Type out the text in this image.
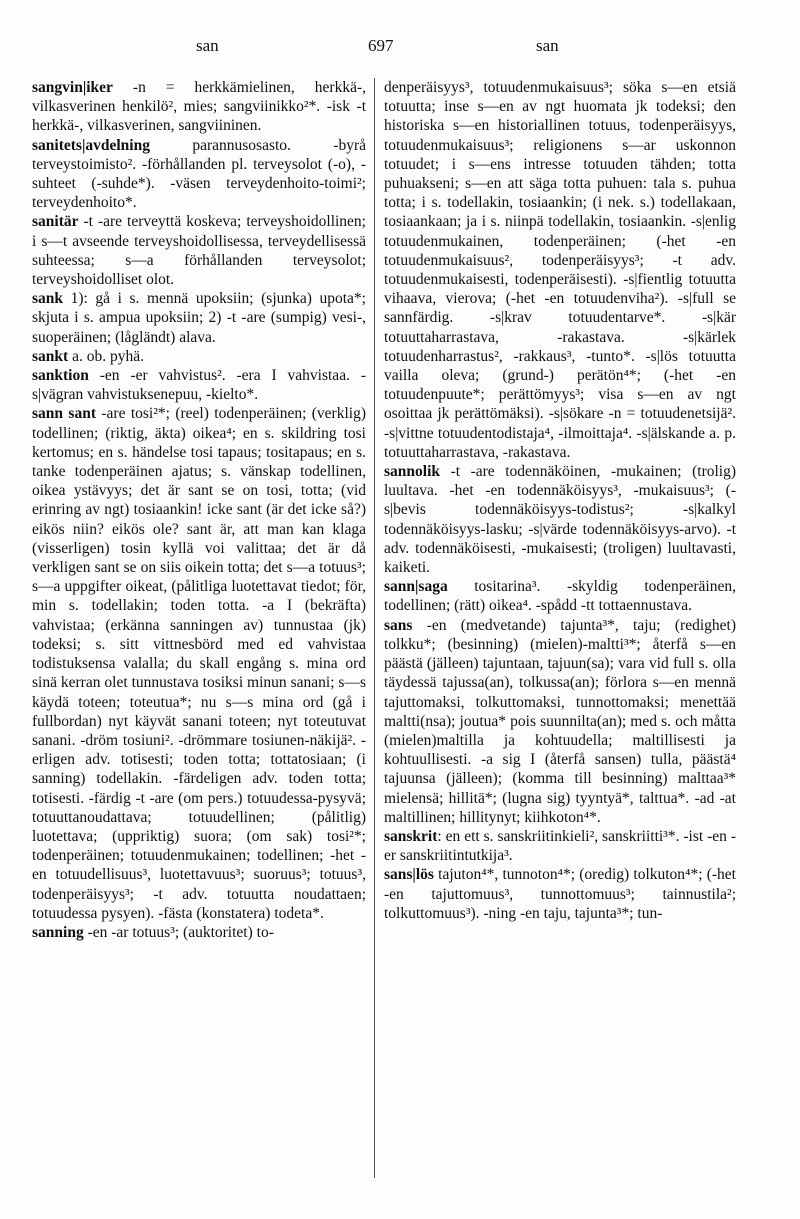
san	697	san
sangvin|iker -n = herkkämielinen, herkkä-, vilkasverinen henkilö², mies; sangviinikko²*. -isk -t herkkä-, vilkasverinen, sangviininen.
sanitets|avdelning parannusosasto. -byrå terveystoimisto². -förhållanden pl. terveysolot (-o), -suhteet (-suhde*). -väsen terveydenhoito-toimi²; terveydenhoito*.
sanitär -t -are terveyttä koskeva; terveyshoidollinen; i s—t avseende terveyshoidollisessa, terveydellisessä suhteessa; s—a förhållanden terveysolot; terveyshoidolliset olot.
sank 1): gå i s. mennä upoksiin; (sjunka) upota*; skjuta i s. ampua upoksiin; 2) -t -are (sumpig) vesi-, suoperäinen; (lågländt) alava.
sankt a. ob. pyhä.
sanktion -en -er vahvistus². -era I vahvistaa. -s|vägran vahvistuksenepuu, -kielto*.
sann sant -are tosi²*; (reel) todenperäinen; (verklig) todellinen; (riktig, äkta) oikea⁴; en s. skildring tosi kertomus; en s. händelse tosi tapaus; tositapaus; en s. tanke todenperäinen ajatus; s. vänskap todellinen, oikea ystävyys; det är sant se on tosi, totta; (vid erinring av ngt) tosiaankin! icke sant (är det icke så?) eikös niin? eikös ole? sant är, att man kan klaga (visserligen) tosin kyllä voi valittaa; det är då verkligen sant se on siis oikein totta; det s—a totuus³; s—a uppgifter oikeat, (pålitliga luotettavat tiedot; för, min s. todellakin; toden totta. -a I (bekräfta) vahvistaa; (erkänna sanningen av) tunnustaa (jk) todeksi; s. sitt vittnesbörd med ed vahvistaa todistuksensa valalla; du skall engång s. mina ord sinä kerran olet tunnustava tosiksi minun sanani; s—s käydä toteen; toteutua*; nu s—s mina ord (gå i fullbordan) nyt käyvät sanani toteen; nyt toteutuvat sanani. -dröm tosiuni². -drömmare tosiunen-näkijä². -erligen adv. totisesti; toden totta; tottatosiaan; (i sanning) todellakin. -färdeligen adv. toden totta; totisesti. -färdig -t -are (om pers.) totuudessa-pysyvä; totuuttanoudattava; totuudellinen; (pålitlig) luotettava; (uppriktig) suora; (om sak) tosi²*; todenperäinen; totuudenmukainen; todellinen; -het -en totuudellisuus³, luotettavuus³; suoruus³; totuus³, todenperäisyys³; -t adv. totuutta noudattaen; totuudessa pysyen). -fästa (konstatera) todeta*.
sanning -en -ar totuus³; (auktoritet) to-
denperäisyys³, totuudenmukaisuus³; söka s—en etsiä totuutta; inse s—en av ngt huomata jk todeksi; den historiska s—en historiallinen totuus, todenperäisyys, totuudenmukaisuus³; religionens s—ar uskonnon totuudet; i s—ens intresse totuuden tähden; totta puhuakseni; s—en att säga totta puhuen: tala s. puhua totta; i s. todellakin, tosiaankin; (i nek. s.) todellakaan, tosiaankaan; ja i s. niinpä todellakin, tosiaankin. -s|enlig totuudenmukainen, todenperäinen; (-het -en totuudenmukaisuus², todenperäisyys³; -t adv. totuudenmukaisesti, todenperäisesti). -s|fientlig totuutta vihaava, vierova; (-het -en totuudenviha²). -s|full se sannfärdig. -s|krav totuudentarve*. -s|kär totuuttaharrastava, -rakastava. -s|kärlek totuudenharrastus², -rakkaus³, -tunto*. -s|lös totuutta vailla oleva; (grund-) perätön⁴*; (-het -en totuudenpuute*; perättömyys³; visa s—en av ngt osoittaa jk perättömäksi). -s|sökare -n = totuudenetsijä². -s|vittne totuudentodistaja⁴, -ilmoittaja⁴. -s|älskande a. p. totuuttaharrastava, -rakastava.
sannolik -t -are todennäköinen, -mukainen; (trolig) luultava. -het -en todennäköisyys³, -mukaisuus³; (-s|bevis todennäköisyys-todistus²; -s|kalkyl todennäköisyys-lasku; -s|värde todennäköisyys-arvo). -t adv. todennäköisesti, -mukaisesti; (troligen) luultavasti, kaiketi.
sann|saga tositarina³. -skyldig todenperäinen, todellinen; (rätt) oikea⁴. -spådd -tt tottaennustava.
sans -en (medvetande) tajunta³*, taju; (redighet) tolkku*; (besinning) (mielen)-maltti³*; återfå s—en päästä (jälleen) tajuntaan, tajuun(sa); vara vid full s. olla täydessä tajussa(an), tolkussa(an); förlora s—en mennä tajuttomaksi, tolkuttomaksi, tunnottomaksi; menettää maltti(nsa); joutua* pois suunnilta(an); med s. och måtta (mielen)maltilla ja kohtuudella; maltillisesti ja kohtuullisesti. -a sig I (återfå sansen) tulla, päästä⁴ tajuunsa (jälleen); (komma till besinning) malttaa³* mielensä; hillitä*; (lugna sig) tyyntyä*, talttua*. -ad -at maltillinen; hillitynyt; kiihkoton⁴*.
sanskrit: en ett s. sanskriitinkieli², sanskriitti³*. -ist -en -er sanskriitintutkija³.
sans|lös tajuton⁴*, tunnoton⁴*; (oredig) tolkuton⁴*; (-het -en tajuttomuus³, tunnottomuus³; tainnustila²; tolkuttomuus³). -ning -en taju, tajunta³*; tun-
